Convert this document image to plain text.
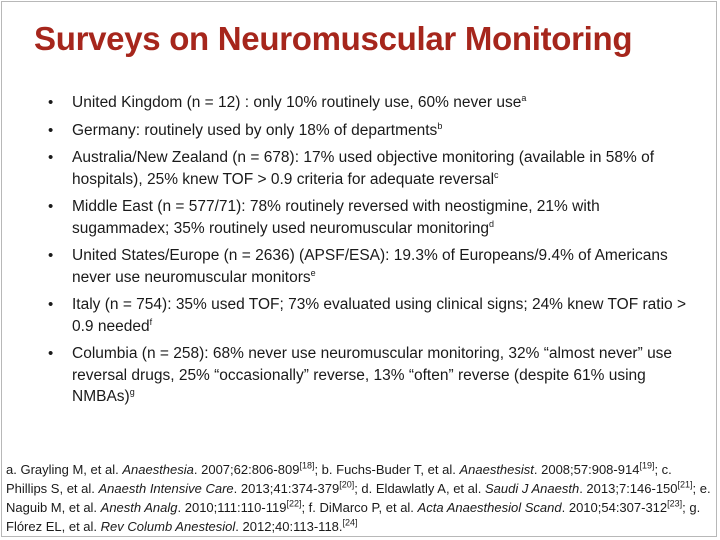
Surveys on Neuromuscular Monitoring
• United Kingdom (n = 12) : only 10% routinely use, 60% never use$^a$
• Germany: routinely used by only 18% of departments$^b$
• Australia/New Zealand (n = 678): 17% used objective monitoring (available in 58% of hospitals), 25% knew TOF > 0.9 criteria for adequate reversal$^c$
• Middle East (n = 577/71): 78% routinely reversed with neostigmine, 21% with sugammadex; 35% routinely used neuromuscular monitoring$^d$
• United States/Europe (n = 2636) (APSF/ESA): 19.3% of Europeans/9.4% of Americans never use neuromuscular monitors$^e$
• Italy (n = 754): 35% used TOF; 73% evaluated using clinical signs; 24% knew TOF ratio > 0.9 needed$^f$
• Columbia (n = 258): 68% never use neuromuscular monitoring, 32% “almost never” use reversal drugs, 25% “occasionally” reverse, 13% “often” reverse (despite 61% using NMBAs)$^g$
a. Grayling M, et al. Anaesthesia. 2007;62:806-809[18]; b. Fuchs-Buder T, et al. Anaesthesist. 2008;57:908-914[19]; c. Phillips S, et al. Anaesth Intensive Care. 2013;41:374-379[20]; d. Eldawlatly A, et al. Saudi J Anaesth. 2013;7:146-150[21]; e. Naguib M, et al. Anesth Analg. 2010;111:110-119[22]; f. DiMarco P, et al. Acta Anaesthesiol Scand. 2010;54:307-312[23]; g. Flórez EL, et al. Rev Columb Anestesiol. 2012;40:113-118.[24]
